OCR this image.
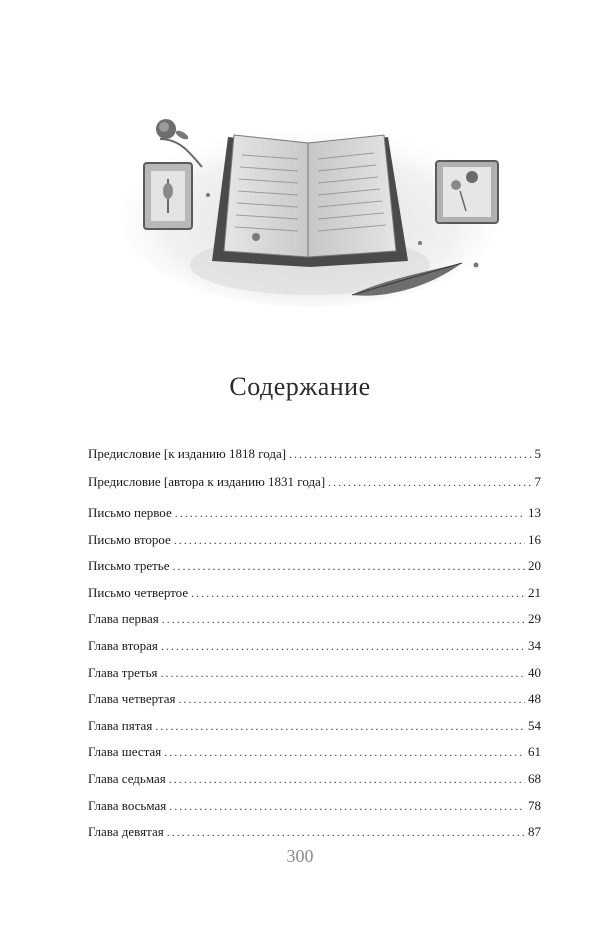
Содержание
Предисловие [к изданию 1818 года] .....	5
Предисловие [автора к изданию 1831 года] .....	7
Письмо первое .....	13
Письмо второе .....	16
Письмо третье .....	20
Письмо четвертое .....	21
Глава первая .....	29
Глава вторая .....	34
Глава третья .....	40
Глава четвертая .....	48
Глава пятая .....	54
Глава шестая .....	61
Глава седьмая .....	68
Глава восьмая .....	78
Глава девятая .....	87
300
